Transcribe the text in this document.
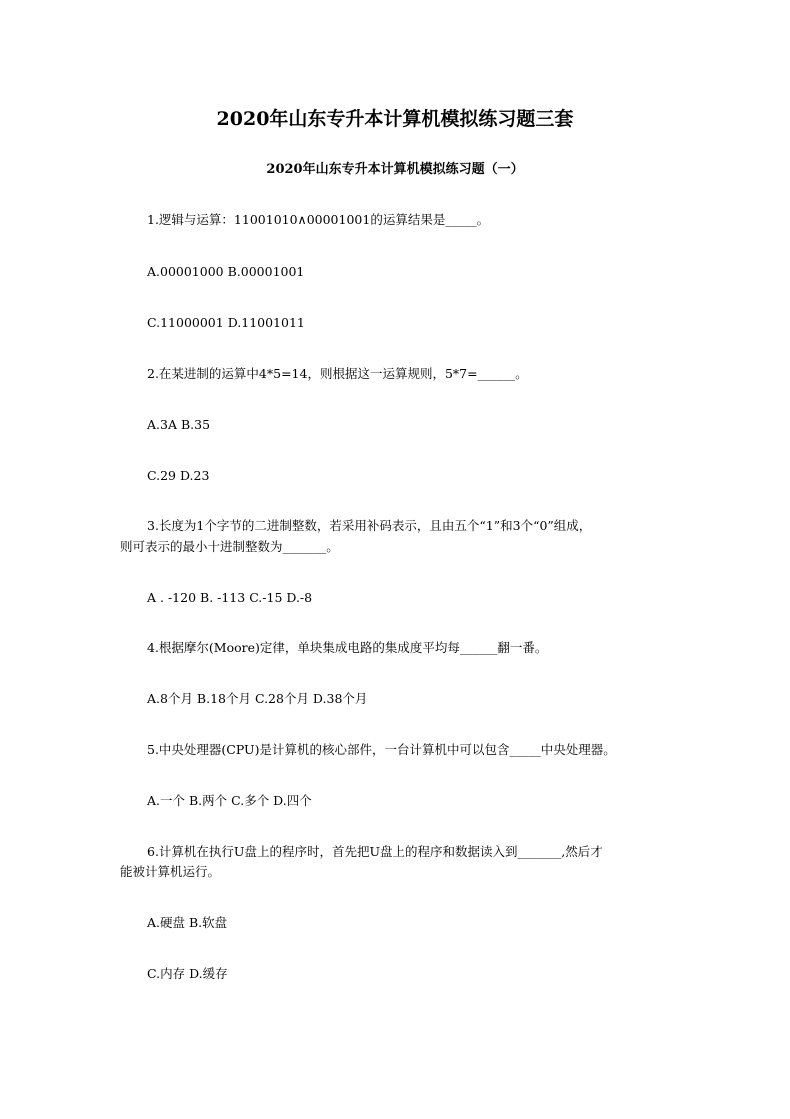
2020年山东专升本计算机模拟练习题三套
2020年山东专升本计算机模拟练习题（一）
1.逻辑与运算：11001010∧00001001的运算结果是_____。
A.00001000 B.00001001
C.11000001 D.11001011
2.在某进制的运算中4*5=14，则根据这一运算规则，5*7=______。
A.3A B.35
C.29 D.23
3.长度为1个字节的二进制整数，若采用补码表示，且由五个“1”和3个“0”组成，
则可表示的最小十进制整数为_______。
A . -120 B. -113 C.-15 D.-8
4.根据摩尔(Moore)定律，单块集成电路的集成度平均每______翻一番。
A.8个月 B.18个月 C.28个月 D.38个月
5.中央处理器(CPU)是计算机的核心部件，一台计算机中可以包含_____中央处理器。
A.一个 B.两个 C.多个 D.四个
6.计算机在执行U盘上的程序时，首先把U盘上的程序和数据读入到_______,然后才
能被计算机运行。
A.硬盘 B.软盘
C.内存 D.缓存
